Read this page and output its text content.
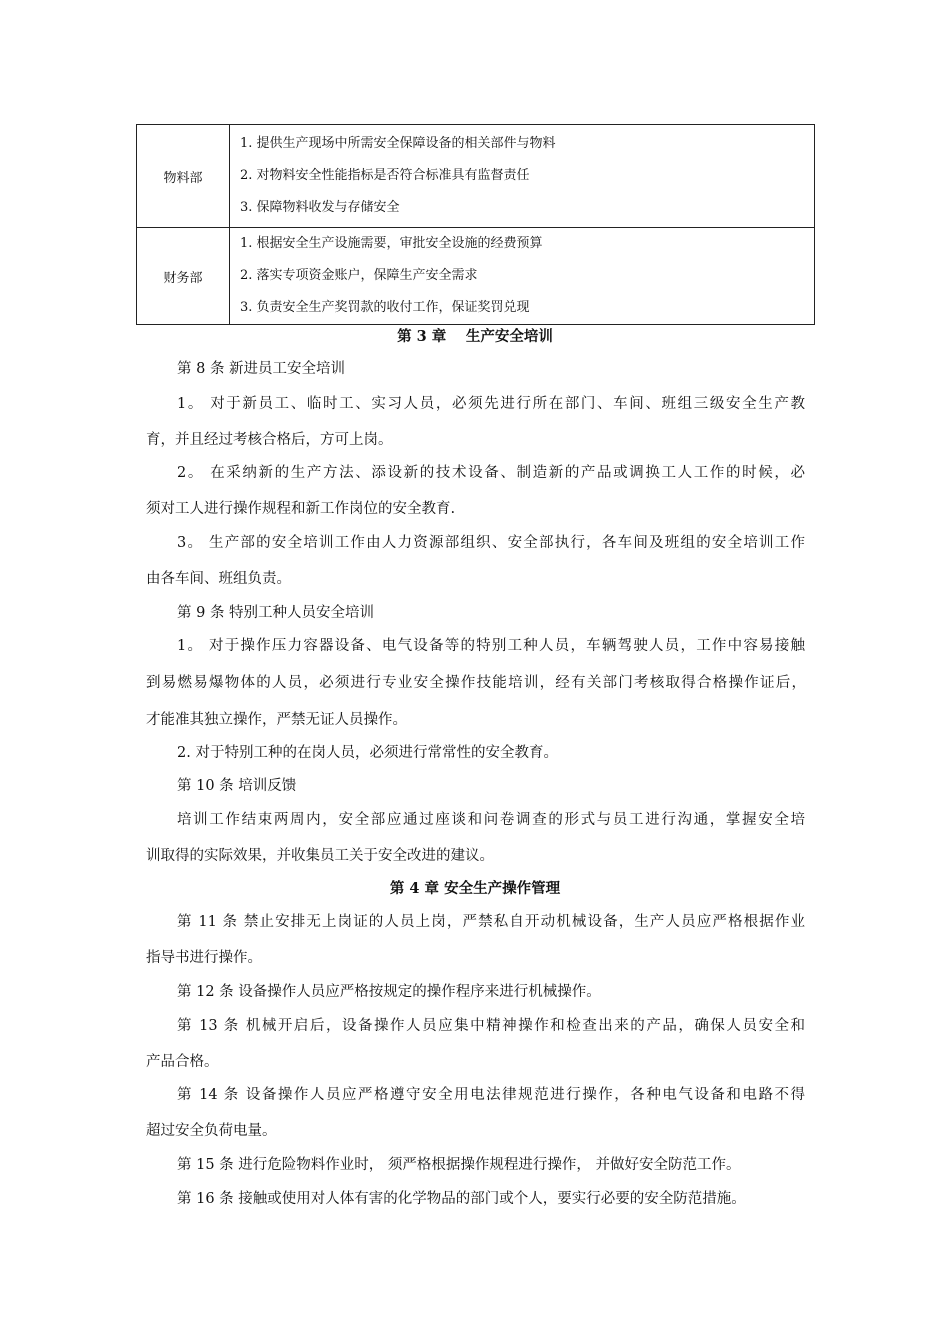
物料部	1. 提供生产现场中所需安全保障设备的相关部件与物料
2. 对物料安全性能指标是否符合标准具有监督责任
3. 保障物料收发与存储安全

财务部	1. 根据安全生产设施需要，审批安全设施的经费预算
2. 落实专项资金账户，保障生产安全需求
3. 负责安全生产奖罚款的收付工作，保证奖罚兑现
第 3 章　 生产安全培训
第 8 条 新进员工安全培训
1。 对于新员工、临时工、实习人员，必须先进行所在部门、车间、班组三级安全生产教
育，并且经过考核合格后，方可上岗。
2。 在采纳新的生产方法、添设新的技术设备、制造新的产品或调换工人工作的时候，必
须对工人进行操作规程和新工作岗位的安全教育.
3。 生产部的安全培训工作由人力资源部组织、安全部执行，各车间及班组的安全培训工作
由各车间、班组负责。
第 9 条 特别工种人员安全培训
1。 对于操作压力容器设备、电气设备等的特别工种人员，车辆驾驶人员，工作中容易接触
到易燃易爆物体的人员，必须进行专业安全操作技能培训，经有关部门考核取得合格操作证后，
才能准其独立操作，严禁无证人员操作。
2. 对于特别工种的在岗人员，必须进行常常性的安全教育。
第 10 条 培训反馈
培训工作结束两周内，安全部应通过座谈和问卷调查的形式与员工进行沟通，掌握安全培
训取得的实际效果，并收集员工关于安全改进的建议。
第 4 章 安全生产操作管理
第 11 条 禁止安排无上岗证的人员上岗，严禁私自开动机械设备，生产人员应严格根据作业
指导书进行操作。
第 12 条 设备操作人员应严格按规定的操作程序来进行机械操作。
第 13 条 机械开启后，设备操作人员应集中精神操作和检查出来的产品，确保人员安全和
产品合格。
第 14 条 设备操作人员应严格遵守安全用电法律规范进行操作，各种电气设备和电路不得
超过安全负荷电量。
第 15 条 进行危险物料作业时， 须严格根据操作规程进行操作， 并做好安全防范工作。
第 16 条 接触或使用对人体有害的化学物品的部门或个人，要实行必要的安全防范措施。
